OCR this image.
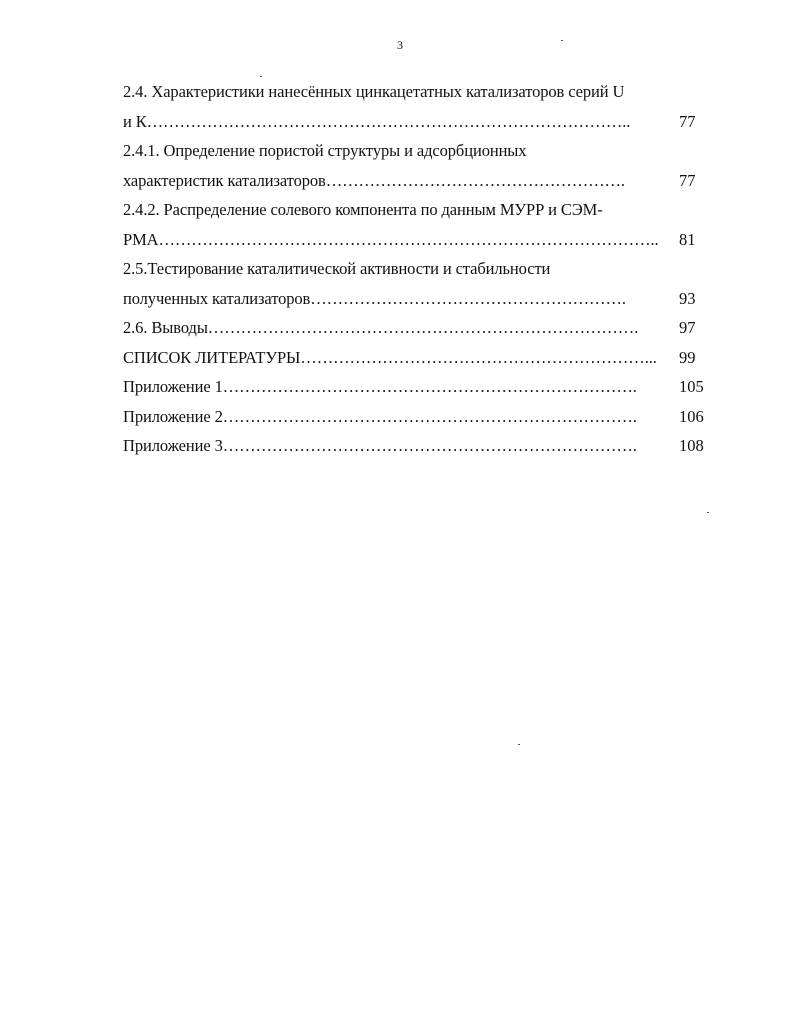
3
2.4. Характеристики нанесённых цинкацетатных катализаторов серий U
и К……………………………………………………………………………..	77
2.4.1. Определение пористой структуры и адсорбционных
характеристик катализаторов……………………………………………….	77
2.4.2. Распределение солевого компонента по данным МУРР и СЭМ-
РМА……………………………………………………………………………….. 81
2.5.Тестирование каталитической активности и стабильности
полученных катализаторов………………………………………………….	93
2.6. Выводы……………………………………………………………………. 97
СПИСОК ЛИТЕРАТУРЫ………………………………………………………... 99
Приложение 1………………………………………………………………….	105
Приложение 2………………………………………………………………….	106
Приложение 3………………………………………………………………….	108
